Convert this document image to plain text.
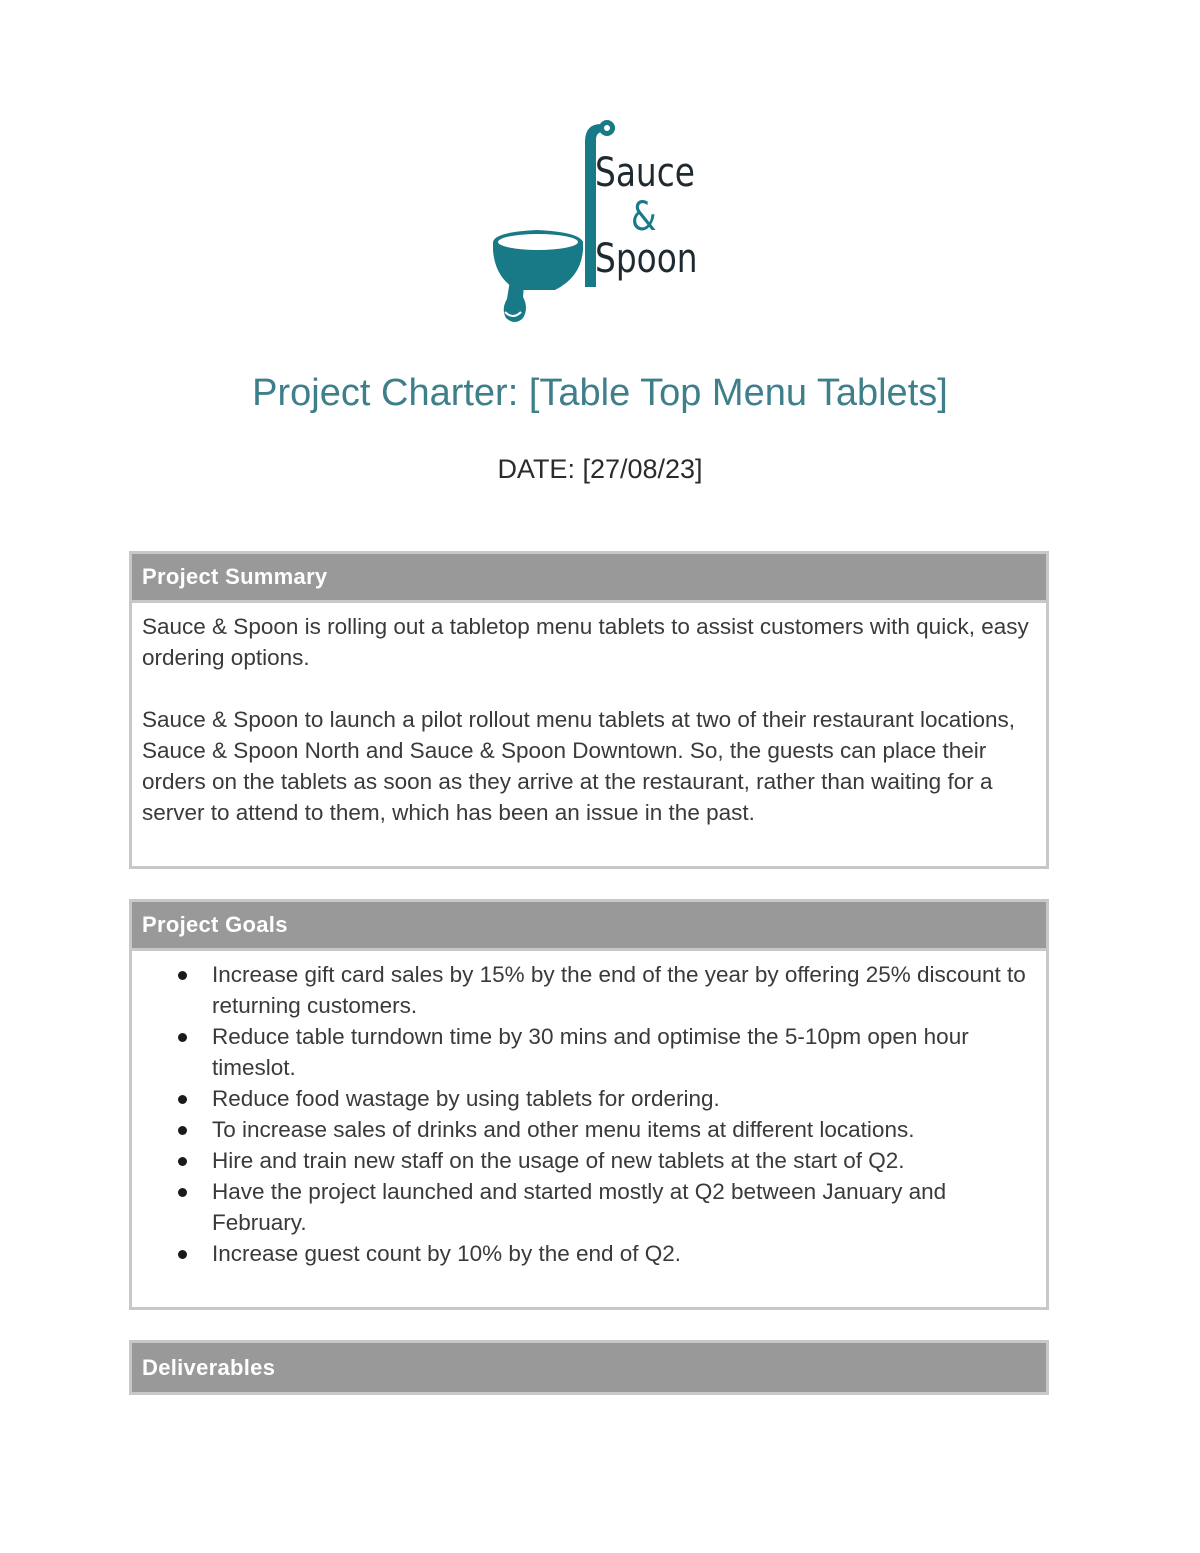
Sauce
&
Spoon
Project Charter: [Table Top Menu Tablets]
DATE: [27/08/23]
Project Summary

Sauce & Spoon is rolling out a tabletop menu tablets to assist customers with quick, easy ordering options.

Sauce & Spoon to launch a pilot rollout menu tablets at two of their restaurant locations, Sauce & Spoon North and Sauce & Spoon Downtown. So, the guests can place their orders on the tablets as soon as they arrive at the restaurant, rather than waiting for a server to attend to them, which has been an issue in the past.

Project Goals
Increase gift card sales by 15% by the end of the year by offering 25% discount to returning customers.
Reduce table turndown time by 30 mins and optimise the 5-10pm open hour timeslot.
Reduce food wastage by using tablets for ordering.
To increase sales of drinks and other menu items at different locations.
Hire and train new staff on the usage of new tablets at the start of Q2.
Have the project launched and started mostly at Q2 between January and February.
Increase guest count by 10% by the end of Q2.
Deliverables
